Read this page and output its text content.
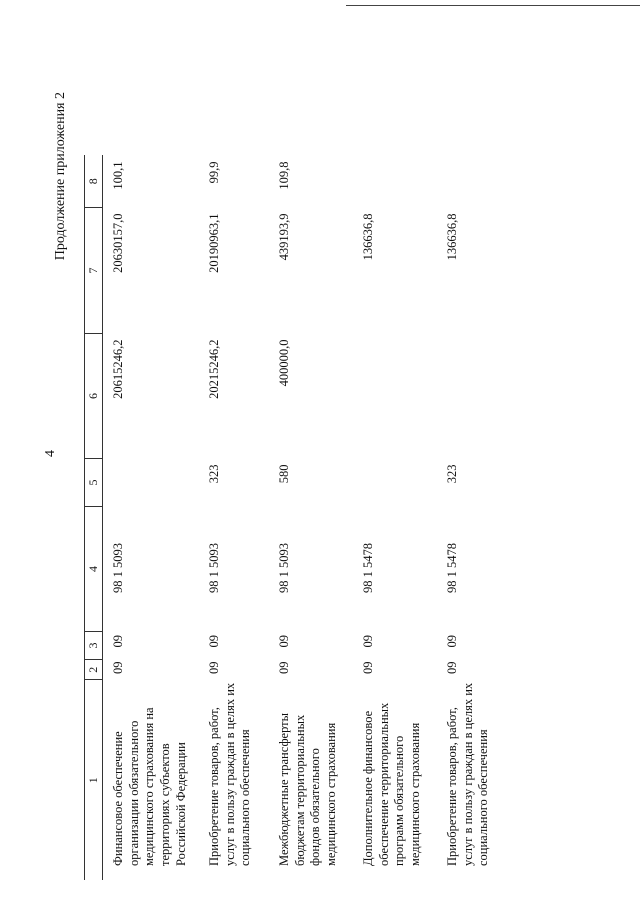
4
Продолжение приложения 2
1	2	3	4	5	6	7	8
Финансовое обеспечение организации обязательного медицинского страхования на территориях субъектов Российской Федерации	09	09	98 1 5093		20615246,2	20630157,0	100,1
Приобретение товаров, работ, услуг в пользу граждан в целях их социального обеспечения	09	09	98 1 5093	323	20215246,2	20190963,1	99,9
Межбюджетные трансферты бюджетам территориальных фондов обязательного медицинского страхования	09	09	98 1 5093	580	400000,0	439193,9	109,8
Дополнительное финансовое обеспечение территориальных программ обязательного медицинского страхования	09	09	98 1 5478			136636,8	
Приобретение товаров, работ, услуг в пользу граждан в целях их социального обеспечения	09	09	98 1 5478	323		136636,8	
